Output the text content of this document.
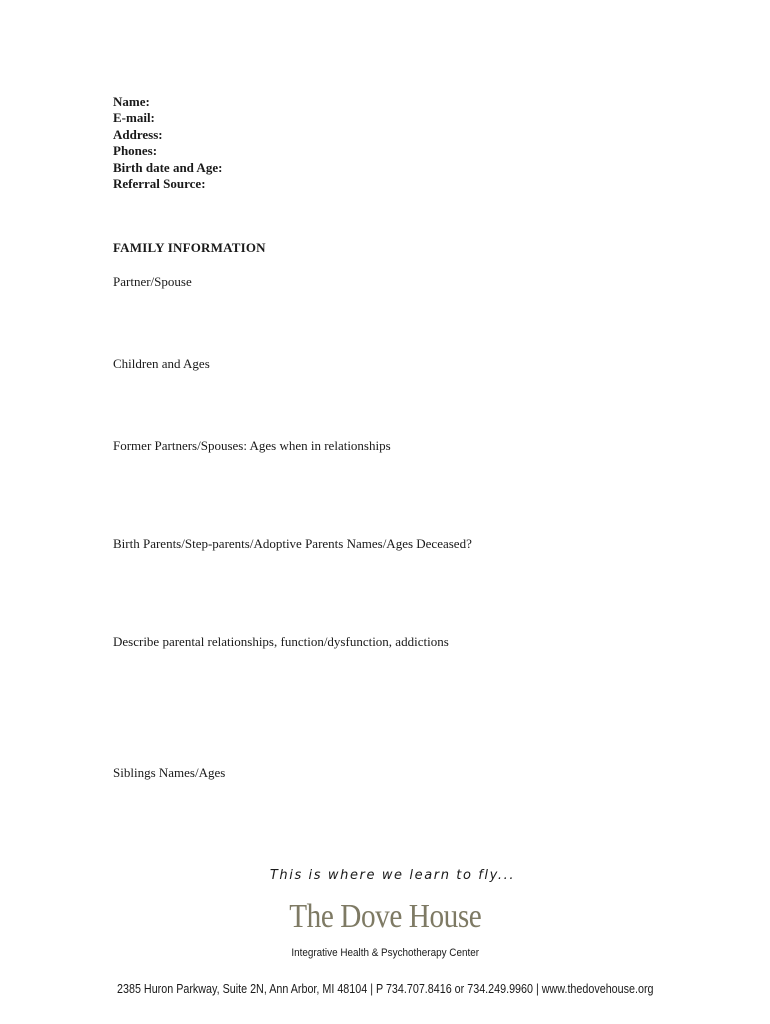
Name:
E-mail:
Address:
Phones:
Birth date and Age:
Referral Source:
FAMILY INFORMATION
Partner/Spouse
Children and Ages
Former Partners/Spouses: Ages when in relationships
Birth Parents/Step-parents/Adoptive Parents Names/Ages Deceased?
Describe parental relationships, function/dysfunction, addictions
Siblings Names/Ages
This is where we learn to fly...
The Dove House
Integrative Health & Psychotherapy Center
2385 Huron Parkway, Suite 2N, Ann Arbor, MI 48104 | P 734.707.8416 or 734.249.9960 | www.thedovehouse.org
